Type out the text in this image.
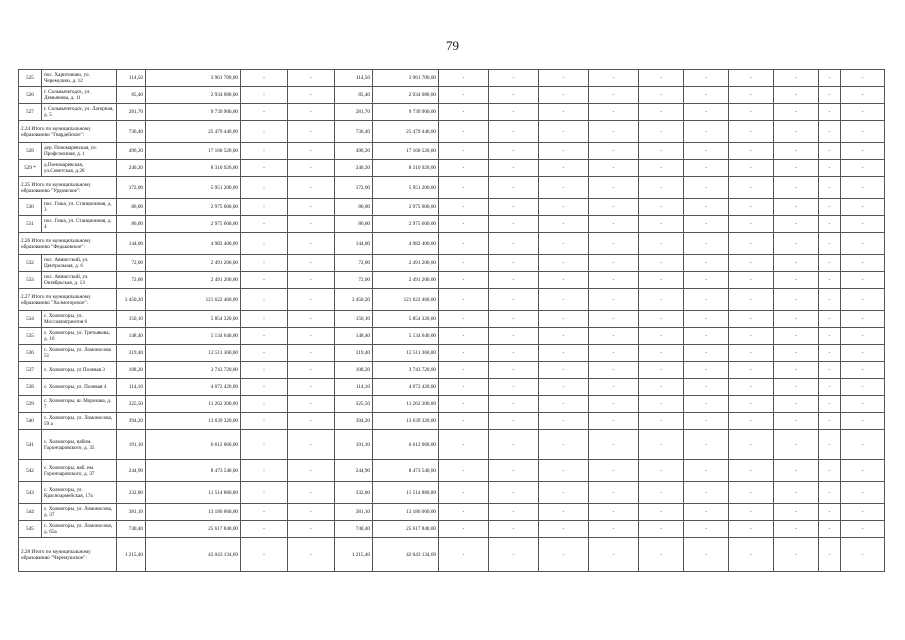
79
525	пос. Харитоново, ул. Черемушки, д. 12	114,50	3 961 700,00	-	-	114,50	3 961 700,00	-	-	-	-	-	-	-	-	-	-
526	г. Сольвычегодск, ул. Демьянова, д. 11	85,40	2 934 080,00	-	-	85,40	2 934 080,00	-	-	-	-	-	-	-	-	-	-
527	г. Сольвычегодск, ул. Лагерная, д. 5	281,70	9 739 900,00	-	-	281,70	9 739 900,00	-	-	-	-	-	-	-	-	-	-
2.24 Итого по муниципальному образованию "Гвардейское":		736,40	25 479 440,00	-	-	736,40	25 479 440,00	-	-	-	-	-	-	-	-	-	-
528	дер. Пономаревская, ул. Профсоюзная, д. 1	496,20	17 168 520,00	-	-	496,20	17 168 520,00	-	-	-	-	-	-	-	-	-	-
529 *	д.Пономаревская, ул.Советская, д.26	240,20	8 310 920,00	-	-	240,20	8 310 920,00	-	-	-	-	-	-	-	-	-	-
2.25 Итого по муниципальному образованию "Урдомское":		172,00	5 951 200,00	-	-	172,00	5 951 200,00	-	-	-	-	-	-	-	-	-	-
530	пос. Гоша, ул. Станционная, д. 3	86,00	2 975 600,00	-	-	86,00	2 975 600,00	-	-	-	-	-	-	-	-	-	-
531	пос. Гоша, ул. Станционная, д. 4	86,00	2 975 600,00	-	-	86,00	2 975 600,00	-	-	-	-	-	-	-	-	-	-
2.26 Итого по муниципальному образованию "Федьковское":		144,00	4 982 400,00	-	-	144,00	4 982 400,00	-	-	-	-	-	-	-	-	-	-
532	пос. Авнюгский, ул. Центральная, д. 6	72,00	2 491 200,00	-	-	72,00	2 491 200,00	-	-	-	-	-	-	-	-	-	-
533	пос. Авнюгский, ул. Октябрьская, д. 13	72,00	2 491 200,00	-	-	72,00	2 491 200,00	-	-	-	-	-	-	-	-	-	-
2.27 Итого по муниципальному образованию "Холмогорское":		3 450,20	121 622 460,00	-	-	3 450,20	121 622 460,00	-	-	-	-	-	-	-	-	-	-
534	с. Холмогоры, ул. Моссовпатриотов 6	150,10	5 854 320,00	-	-	150,10	5 854 320,00	-	-	-	-	-	-	-	-	-	-
535	с. Холмогоры, ул. Третьякова, д. 16	148,40	5 134 640,00	-	-	148,40	5 134 640,00	-	-	-	-	-	-	-	-	-	-
536	с. Холмогоры, ул. Ломоносова 51	319,40	12 511 360,00	-	-	319,40	12 511 360,00	-	-	-	-	-	-	-	-	-	-
537	с. Холмогоры, ул Полевая 3	108,20	3 743 720,00	-	-	108,20	3 743 720,00	-	-	-	-	-	-	-	-	-	-
538	с. Холмогоры, ул. Полевая 4	114,10	4 072 420,00	-	-	114,10	4 072 420,00	-	-	-	-	-	-	-	-	-	-
539	с. Холмогоры, ш. Морозова, д. 7	325,50	11 262 300,00	-	-	325,50	11 262 300,00	-	-	-	-	-	-	-	-	-	-
540	с. Холмогоры, ул. Ломоносова, 59 а	394,20	13 639 320,00	-	-	394,20	13 639 320,00	-	-	-	-	-	-	-	-	-	-
541	с. Холмогоры, набим. Горончаровского, д. 35	191,10	6 612 060,00	-	-	191,10	6 612 060,00	-	-	-	-	-	-	-	-	-	-
542	с. Холмогоры, наб. им. Горончаровского, д. 37	244,90	8 473 540,00	-	-	244,90	8 473 540,00	-	-	-	-	-	-	-	-	-	-
543	с. Холмогоры, ул. Красноармейская, 17а	332,80	11 514 880,00	-	-	332,80	11 514 880,00	-	-	-	-	-	-	-	-	-	-
544	с. Холмогоры, ул. Ломоносова, д. 37	381,10	13 186 060,00	-	-	381,10	13 186 060,00	-	-	-	-	-	-	-	-	-	-
545	с. Холмогоры, ул. Ломоносова, д. 65а	740,40	25 617 840,00	-	-	740,40	25 617 840,00	-	-	-	-	-	-	-	-	-	-
2.28 Итого по муниципальному образованию "Черемушское":		1 215,40	42 043 134,69	-	-	1 215,40	42 043 134,69	-	-	-	-	-	-	-	-	-	-
